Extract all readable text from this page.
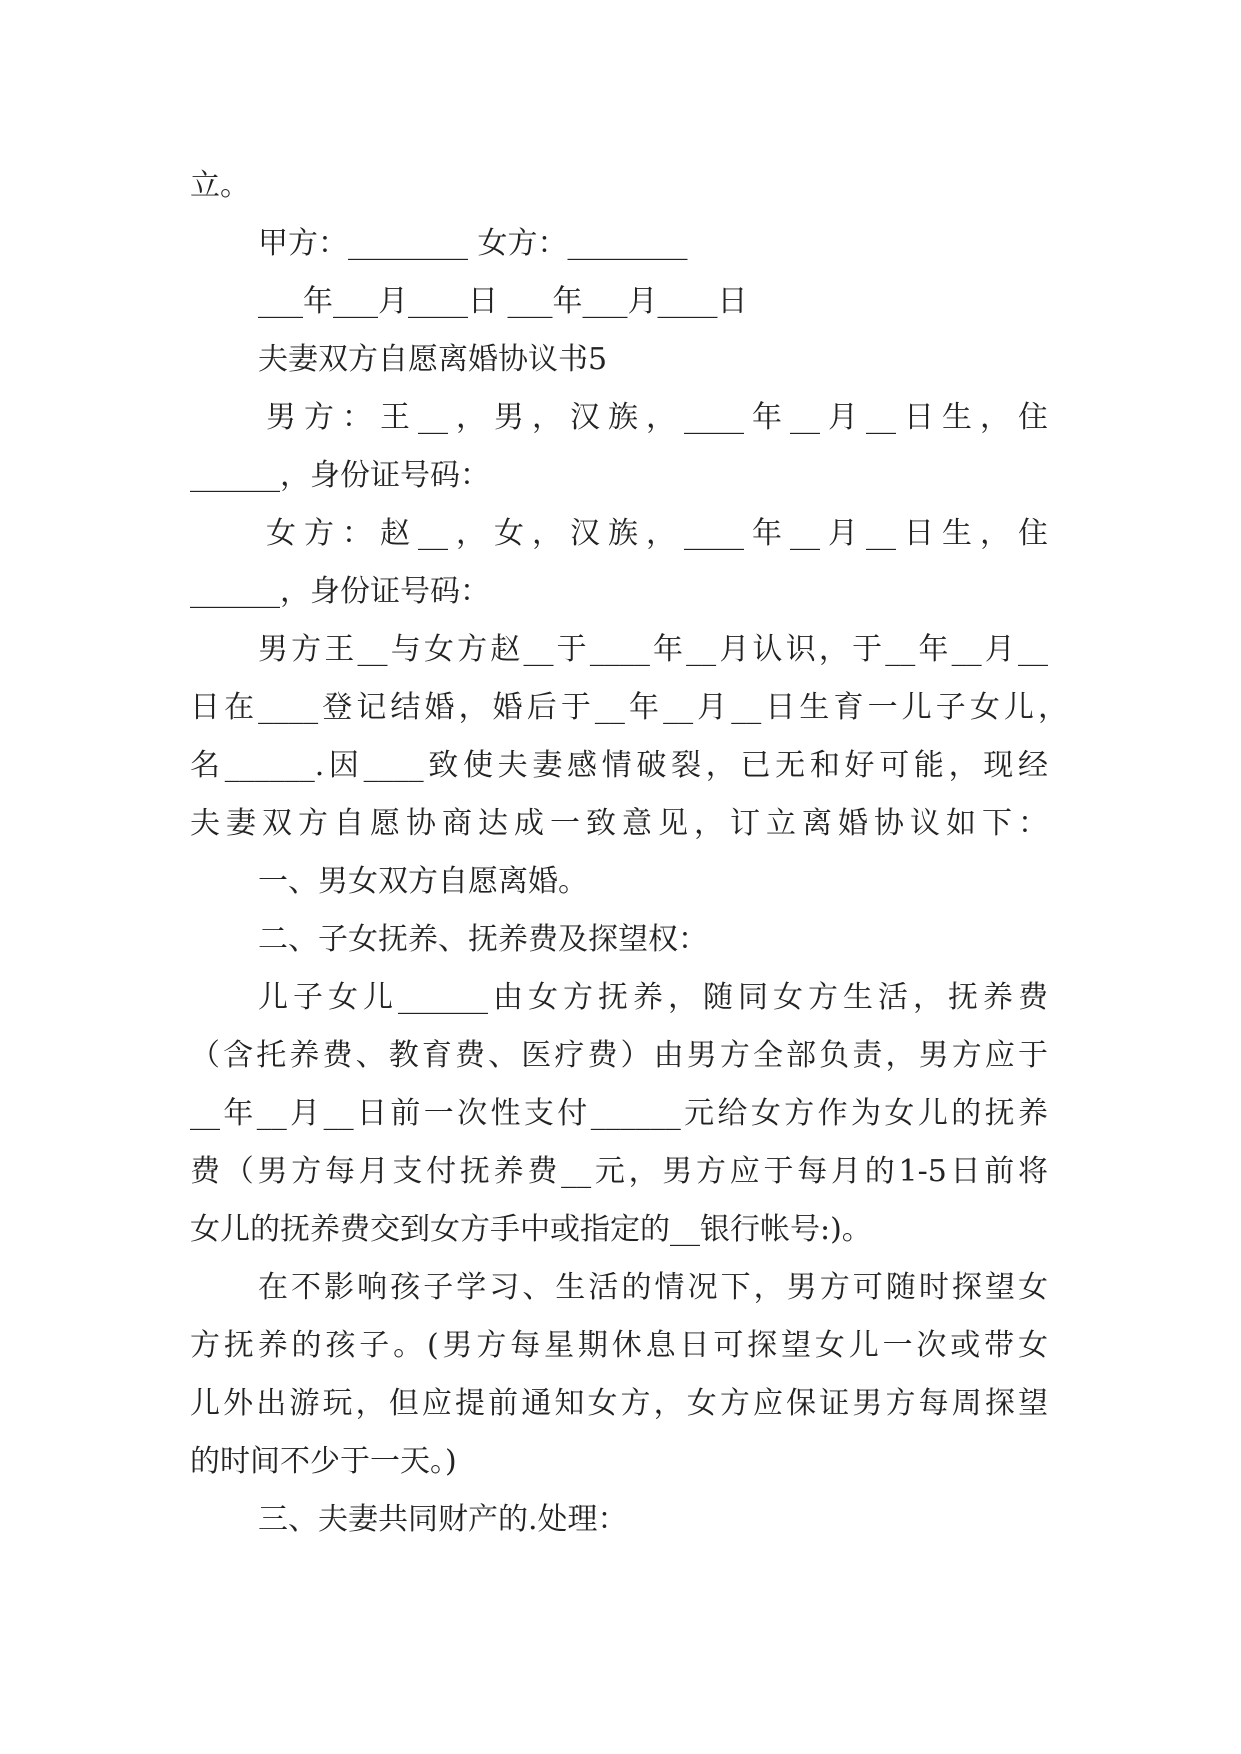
立。
甲方：________ 女方：________
___年___月____日 ___年___月____日
夫妻双方自愿离婚协议书5
男方：王__，男，汉族，____年__月__日生，住
______，身份证号码：
女方：赵__，女，汉族，____年__月__日生，住
______，身份证号码：
男方王__与女方赵__于____年__月认识，于__年__月__
日在____登记结婚，婚后于__年__月__日生育一儿子女儿，
名______.因____致使夫妻感情破裂，已无和好可能，现经
夫妻双方自愿协商达成一致意见，订立离婚协议如下：
一、男女双方自愿离婚。
二、子女抚养、抚养费及探望权：
儿子女儿______由女方抚养，随同女方生活，抚养费
（含托养费、教育费、医疗费）由男方全部负责，男方应于
__年__月__日前一次性支付______元给女方作为女儿的抚养
费（男方每月支付抚养费__元，男方应于每月的1-5日前将
女儿的抚养费交到女方手中或指定的__银行帐号:)。
在不影响孩子学习、生活的情况下，男方可随时探望女
方抚养的孩子。(男方每星期休息日可探望女儿一次或带女
儿外出游玩，但应提前通知女方，女方应保证男方每周探望
的时间不少于一天。)
三、夫妻共同财产的.处理：
